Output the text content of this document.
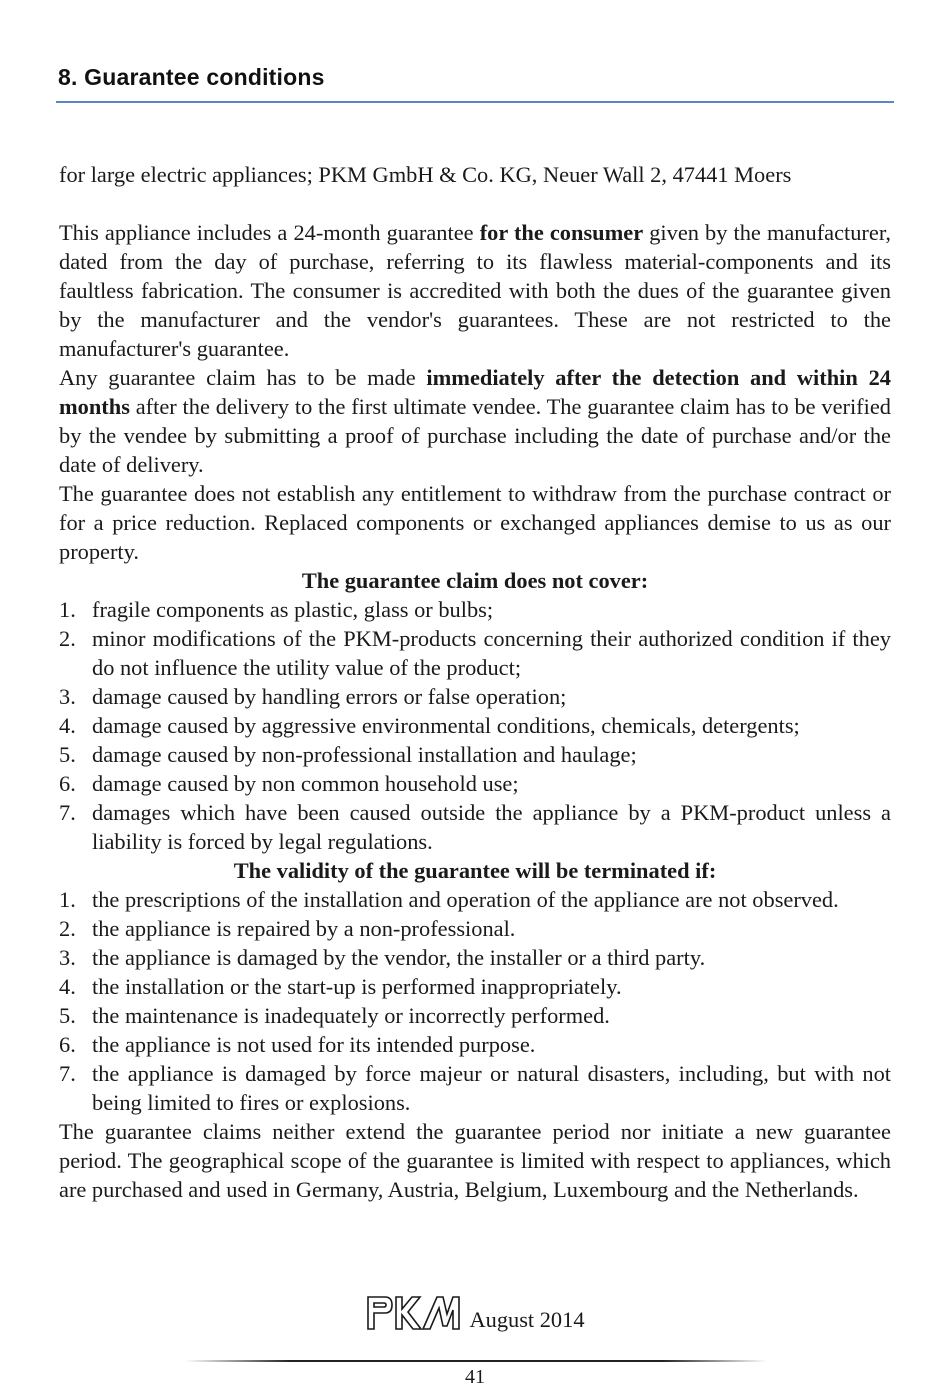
8. Guarantee conditions

for large electric appliances; PKM GmbH & Co. KG, Neuer Wall 2, 47441 Moers

This appliance includes a 24-month guarantee for the consumer given by the manufacturer, dated from the day of purchase, referring to its flawless material-components and its faultless fabrication. The consumer is accredited with both the dues of the guarantee given by the manufacturer and the vendor's guarantees. These are not restricted to the manufacturer's guarantee.

Any guarantee claim has to be made immediately after the detection and within 24 months after the delivery to the first ultimate vendee. The guarantee claim has to be verified by the vendee by submitting a proof of purchase including the date of purchase and/or the date of delivery.

The guarantee does not establish any entitlement to withdraw from the purchase contract or for a price reduction. Replaced components or exchanged appliances demise to us as our property.

The guarantee claim does not cover:
1. fragile components as plastic, glass or bulbs;
2. minor modifications of the PKM-products concerning their authorized condition if they do not influence the utility value of the product;
3. damage caused by handling errors or false operation;
4. damage caused by aggressive environmental conditions, chemicals, detergents;
5. damage caused by non-professional installation and haulage;
6. damage caused by non common household use;
7. damages which have been caused outside the appliance by a PKM-product unless a liability is forced by legal regulations.
The validity of the guarantee will be terminated if:
1. the prescriptions of the installation and operation of the appliance are not observed.
2. the appliance is repaired by a non-professional.
3. the appliance is damaged by the vendor, the installer or a third party.
4. the installation or the start-up is performed inappropriately.
5. the maintenance is inadequately or incorrectly performed.
6. the appliance is not used for its intended purpose.
7. the appliance is damaged by force majeur or natural disasters, including, but with not being limited to fires or explosions.

The guarantee claims neither extend the guarantee period nor initiate a new guarantee period. The geographical scope of the guarantee is limited with respect to appliances, which are purchased and used in Germany, Austria, Belgium, Luxembourg and the Netherlands.

August 2014
41
